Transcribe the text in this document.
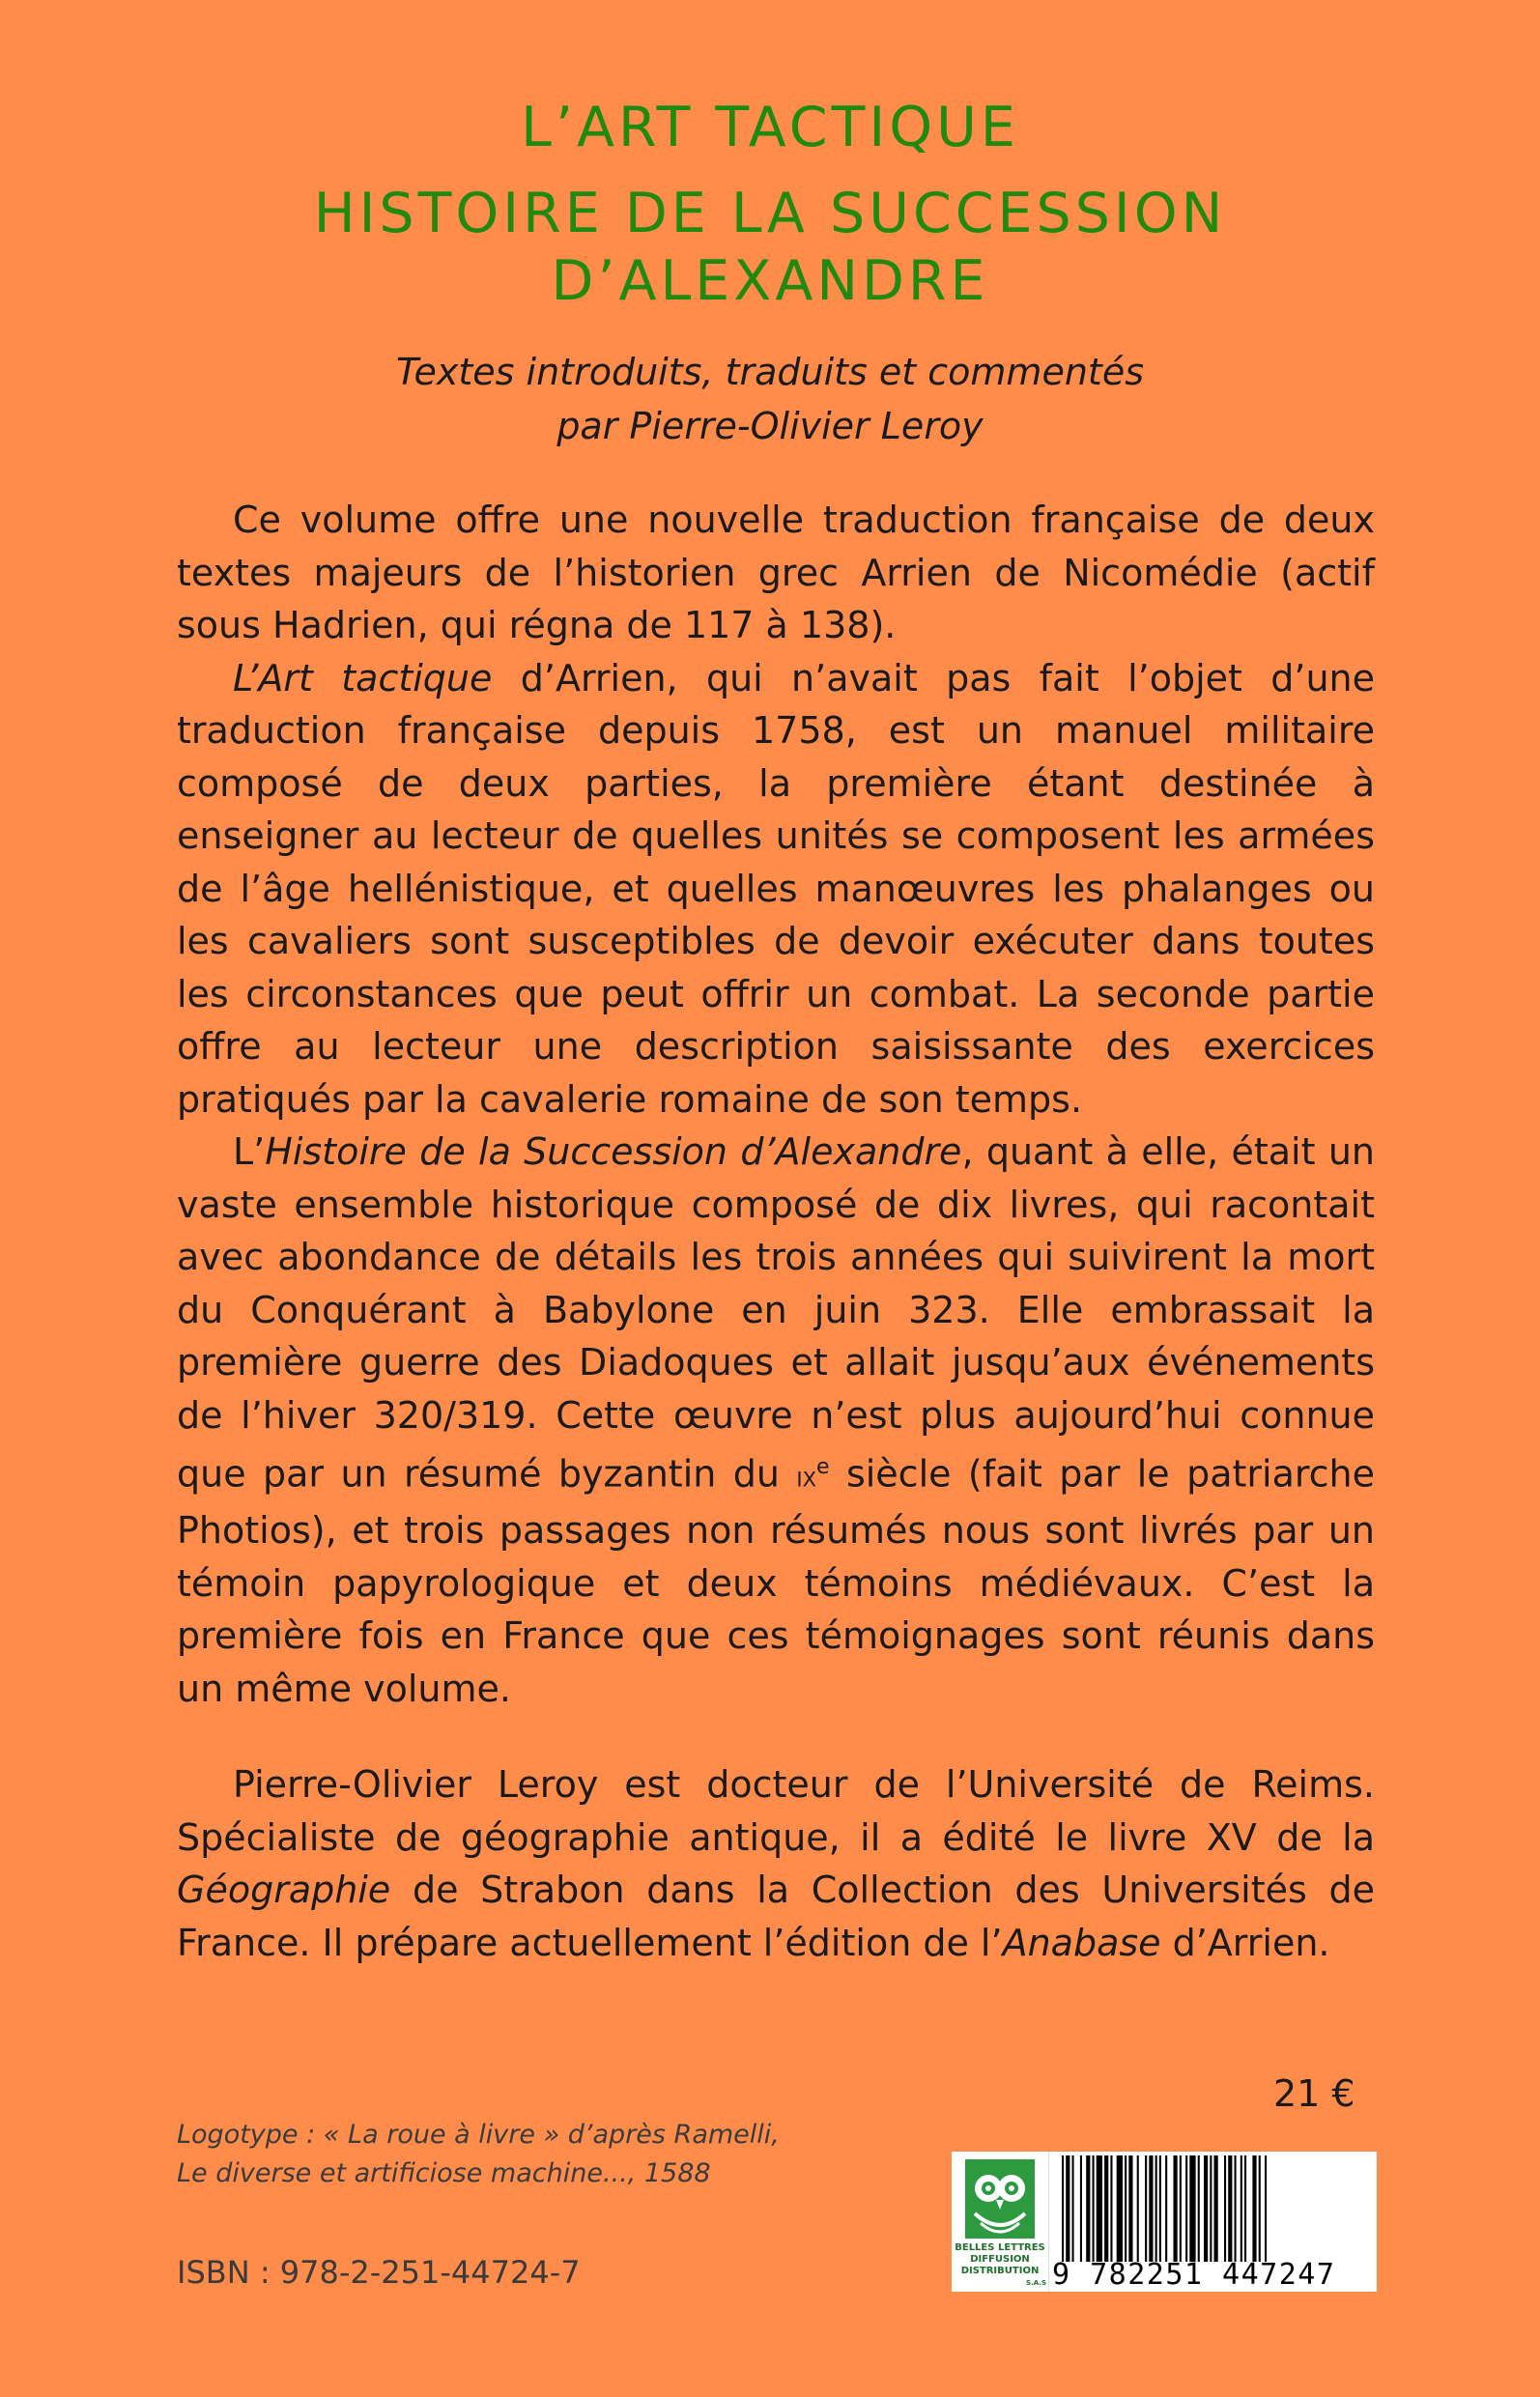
L’ART TACTIQUE
HISTOIRE DE LA SUCCESSION
D’ALEXANDRE
Textes introduits, traduits et commentés
par Pierre-Olivier Leroy

Ce volume offre une nouvelle traduction française de deux textes majeurs de l’historien grec Arrien de Nicomédie (actif sous Hadrien, qui régna de 117 à 138).

L’Art tactique d’Arrien, qui n’avait pas fait l’objet d’une traduction française depuis 1758, est un manuel militaire composé de deux parties, la première étant destinée à enseigner au lecteur de quelles unités se composent les armées de l’âge hellénistique, et quelles manœuvres les phalanges ou les cavaliers sont susceptibles de devoir exécuter dans toutes les circonstances que peut offrir un combat. La seconde partie offre au lecteur une description saisissante des exercices pratiqués par la cavalerie romaine de son temps.

L’Histoire de la Succession d’Alexandre, quant à elle, était un vaste ensemble historique composé de dix livres, qui racontait avec abondance de détails les trois années qui suivirent la mort du Conquérant à Babylone en juin 323. Elle embrassait la première guerre des Diadoques et allait jusqu’aux événements de l’hiver 320/319. Cette œuvre n’est plus aujourd’hui connue que par un résumé byzantin du $ix^e$ siècle (fait par le patriarche Photios), et trois passages non résumés nous sont livrés par un témoin papyrologique et deux témoins médiévaux. C’est la première fois en France que ces témoignages sont réunis dans un même volume.

Pierre-Olivier Leroy est docteur de l’Université de Reims. Spécialiste de géographie antique, il a édité le livre XV de la Géographie de Strabon dans la Collection des Universités de France. Il prépare actuellement l’édition de l’Anabase d’Arrien.

21 €
Logotype : « La roue à livre » d’après Ramelli,
Le diverse et artificiose machine..., 1588
ISBN : 978-2-251-44724-7
BELLES LETTRES
DIFFUSION
DISTRIBUTION
S.A.S 9 782251 447247
